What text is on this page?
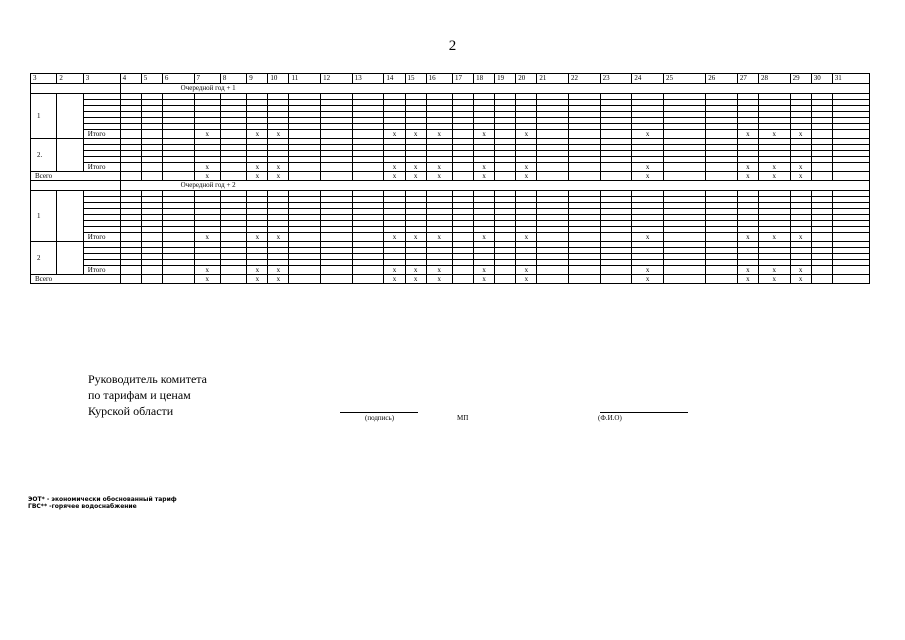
2
3	2	3	4	5	6	7	8	9	10	11	12	13	14	15	16	17	18	19	20	21	22	23	24	25	26	27	28	29	30	31
			Очередной год + 1																											
1																														

		Итого				x		x	x				x	x	x		x		x				x			x	x	x		
2.																														

		Итого				x		x	x				x	x	x		x		x				x			x	x	x		
Всего						x		x	x				x	x	x		x		x				x			x	x	x		
			Очередной год + 2																											
1																														

		Итого				x		x	x				x	x	x		x		x				x			x	x	x		
2																														

		Итого				x		x	x				x	x	x		x		x				x			x	x	x		
Всего						x		x	x				x	x	x		x		x				x			x	x	x		
Руководитель комитета
по тарифам и ценам
Курской области	(подпись)	МП	(Ф.И.О)
ЭОТ* - экономически обоснованный тариф
ГВС** -горячее водоснабжение
